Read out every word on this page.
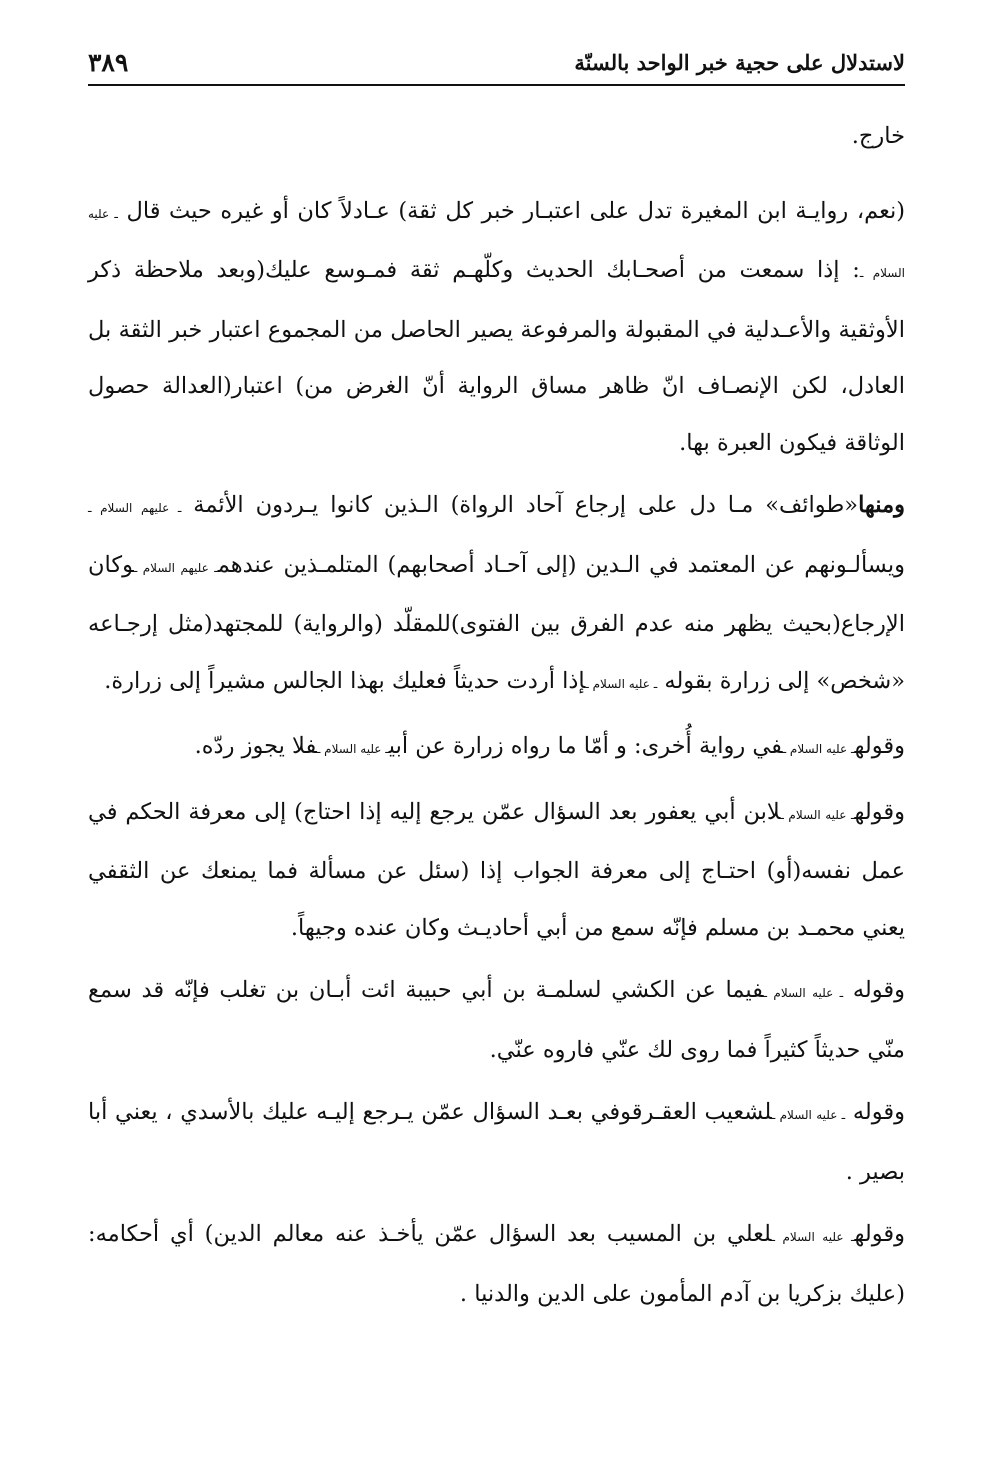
لاستدلال على حجية خبر الواحد بالسنّة
٣٨٩

خارج.

(نعم، روايـة ابن المغيرة تدل على اعتبـار خبر كل ثقة) عـادلاً كان أو غيره حيث قال ـ عليه السلام ـ: إذا سمعت من أصحـابك الحديث وكلّهـم ثقة فمـوسع عليك(وبعد ملاحظة ذكر الأوثقية والأعـدلية في المقبولة والمرفوعة يصير الحاصل من المجموع اعتبار خبر الثقة بل العادل، لكن الإنصـاف انّ ظاهر مساق الرواية أنّ الغرض من) اعتبار(العدالة حصول الوثاقة فيكون العبرة بها.

ومنها«طوائف» مـا دل على إرجاع آحاد الرواة) الـذين كانوا يـردون الأئمة ـ عليهم السلام ـ ويسألـونهم عن المعتمد في الـدين (إلى آحـاد أصحابهم) المتلمـذين عندهمـ عليهم السلام ـوكان الإرجاع(بحيث يظهر منه عدم الفرق بين الفتوى)للمقلّد (والرواية) للمجتهد(مثل إرجـاعه «شخص» إلى زرارة بقوله ـ عليه السلام ـإذا أردت حديثاً فعليك بهذا الجالس مشيراً إلى زرارة.

وقولهـ عليه السلام ـفي رواية أُخرى: و أمّا ما رواه زرارة عن أبيـ عليه السلام ـفلا يجوز ردّه.

وقولهـ عليه السلام ـلابن أبي يعفور بعد السؤال عمّن يرجع إليه إذا احتاج) إلى معرفة الحكم في عمل نفسه(أو) احتـاج إلى معرفة الجواب إذا (سئل عن مسألة فما يمنعك عن الثقفي يعني محمـد بن مسلم فإنّه سمع من أبي أحاديـث وكان عنده وجيهاً.

وقوله ـ عليه السلام ـفيما عن الكشي لسلمـة بن أبي حبيبة ائت أبـان بن تغلب فإنّه قد سمع منّي حديثاً كثيراً فما روى لك عنّي فاروه عنّي.

وقوله ـ عليه السلام ـلشعيب العقـرقوفي بعـد السؤال عمّن يـرجع إليـه عليك بالأسدي ، يعني أبا بصير .

وقولهـ عليه السلام ـلعلي بن المسيب بعد السؤال عمّن يأخـذ عنه معالم الدين) أي أحكامه:(عليك بزكريا بن آدم المأمون على الدين والدنيا .
